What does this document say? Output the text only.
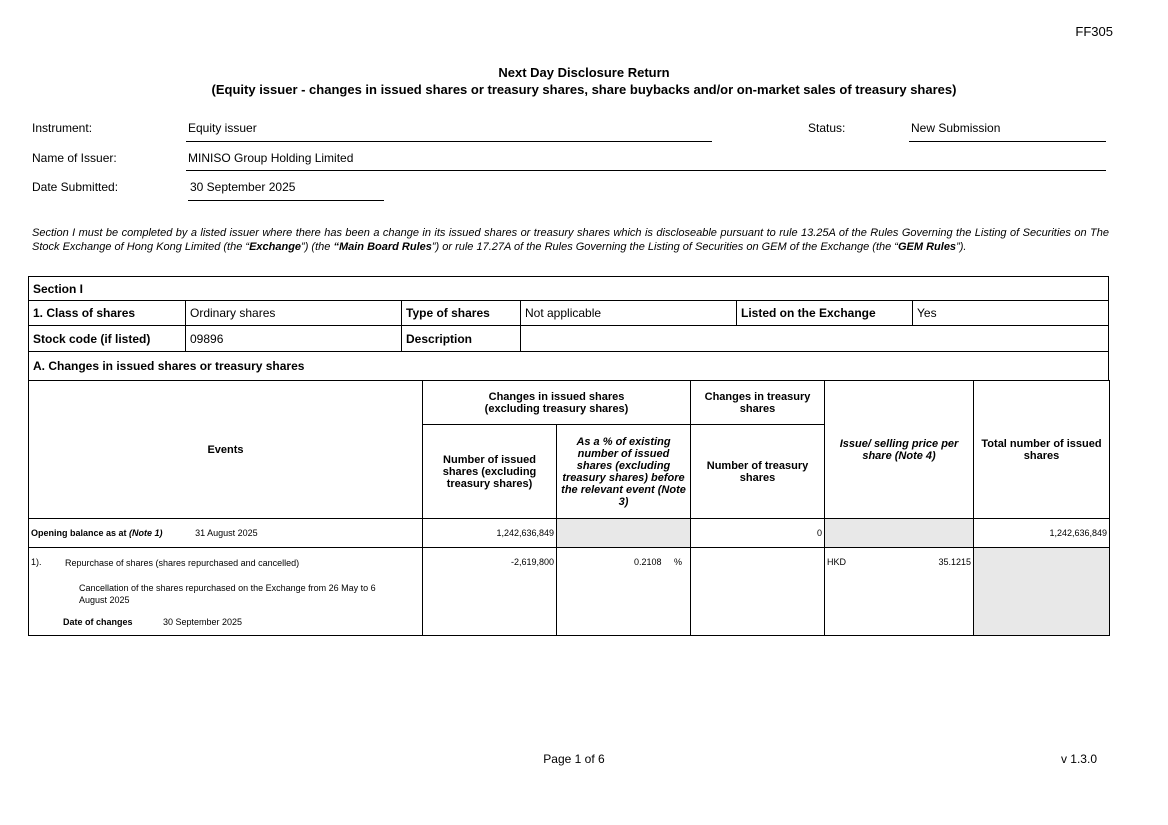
FF305
Next Day Disclosure Return
(Equity issuer - changes in issued shares or treasury shares, share buybacks and/or on-market sales of treasury shares)
Instrument:	Equity issuer	Status:	New Submission
Name of Issuer:	MINISO Group Holding Limited
Date Submitted:	30 September 2025
Section I must be completed by a listed issuer where there has been a change in its issued shares or treasury shares which is discloseable pursuant to rule 13.25A of the Rules Governing the Listing of Securities on The Stock Exchange of Hong Kong Limited (the “Exchange”) (the “Main Board Rules”) or rule 17.27A of the Rules Governing the Listing of Securities on GEM of the Exchange (the “GEM Rules”).
Section I
1. Class of shares	Ordinary shares	Type of shares	Not applicable	Listed on the Exchange	Yes
Stock code (if listed)	09896	Description
A. Changes in issued shares or treasury shares
Events	Changes in issued shares (excluding treasury shares)		Changes in treasury shares	Issue/ selling price per share (Note 4)	Total number of issued shares
	Number of issued shares (excluding treasury shares)	As a % of existing number of issued shares (excluding treasury shares) before the relevant event (Note 3)	Number of treasury shares		
Opening balance as at (Note 1) 31 August 2025	1,242,636,849		0		1,242,636,849

1). Repurchase of shares (shares repurchased and cancelled)
Cancellation of the shares repurchased on the Exchange from 26 May to 6 August 2025
Date of changes 30 September 2025	-2,619,800	0.2108 %		HKD 35.1215	

Page 1 of 6	v 1.3.0
